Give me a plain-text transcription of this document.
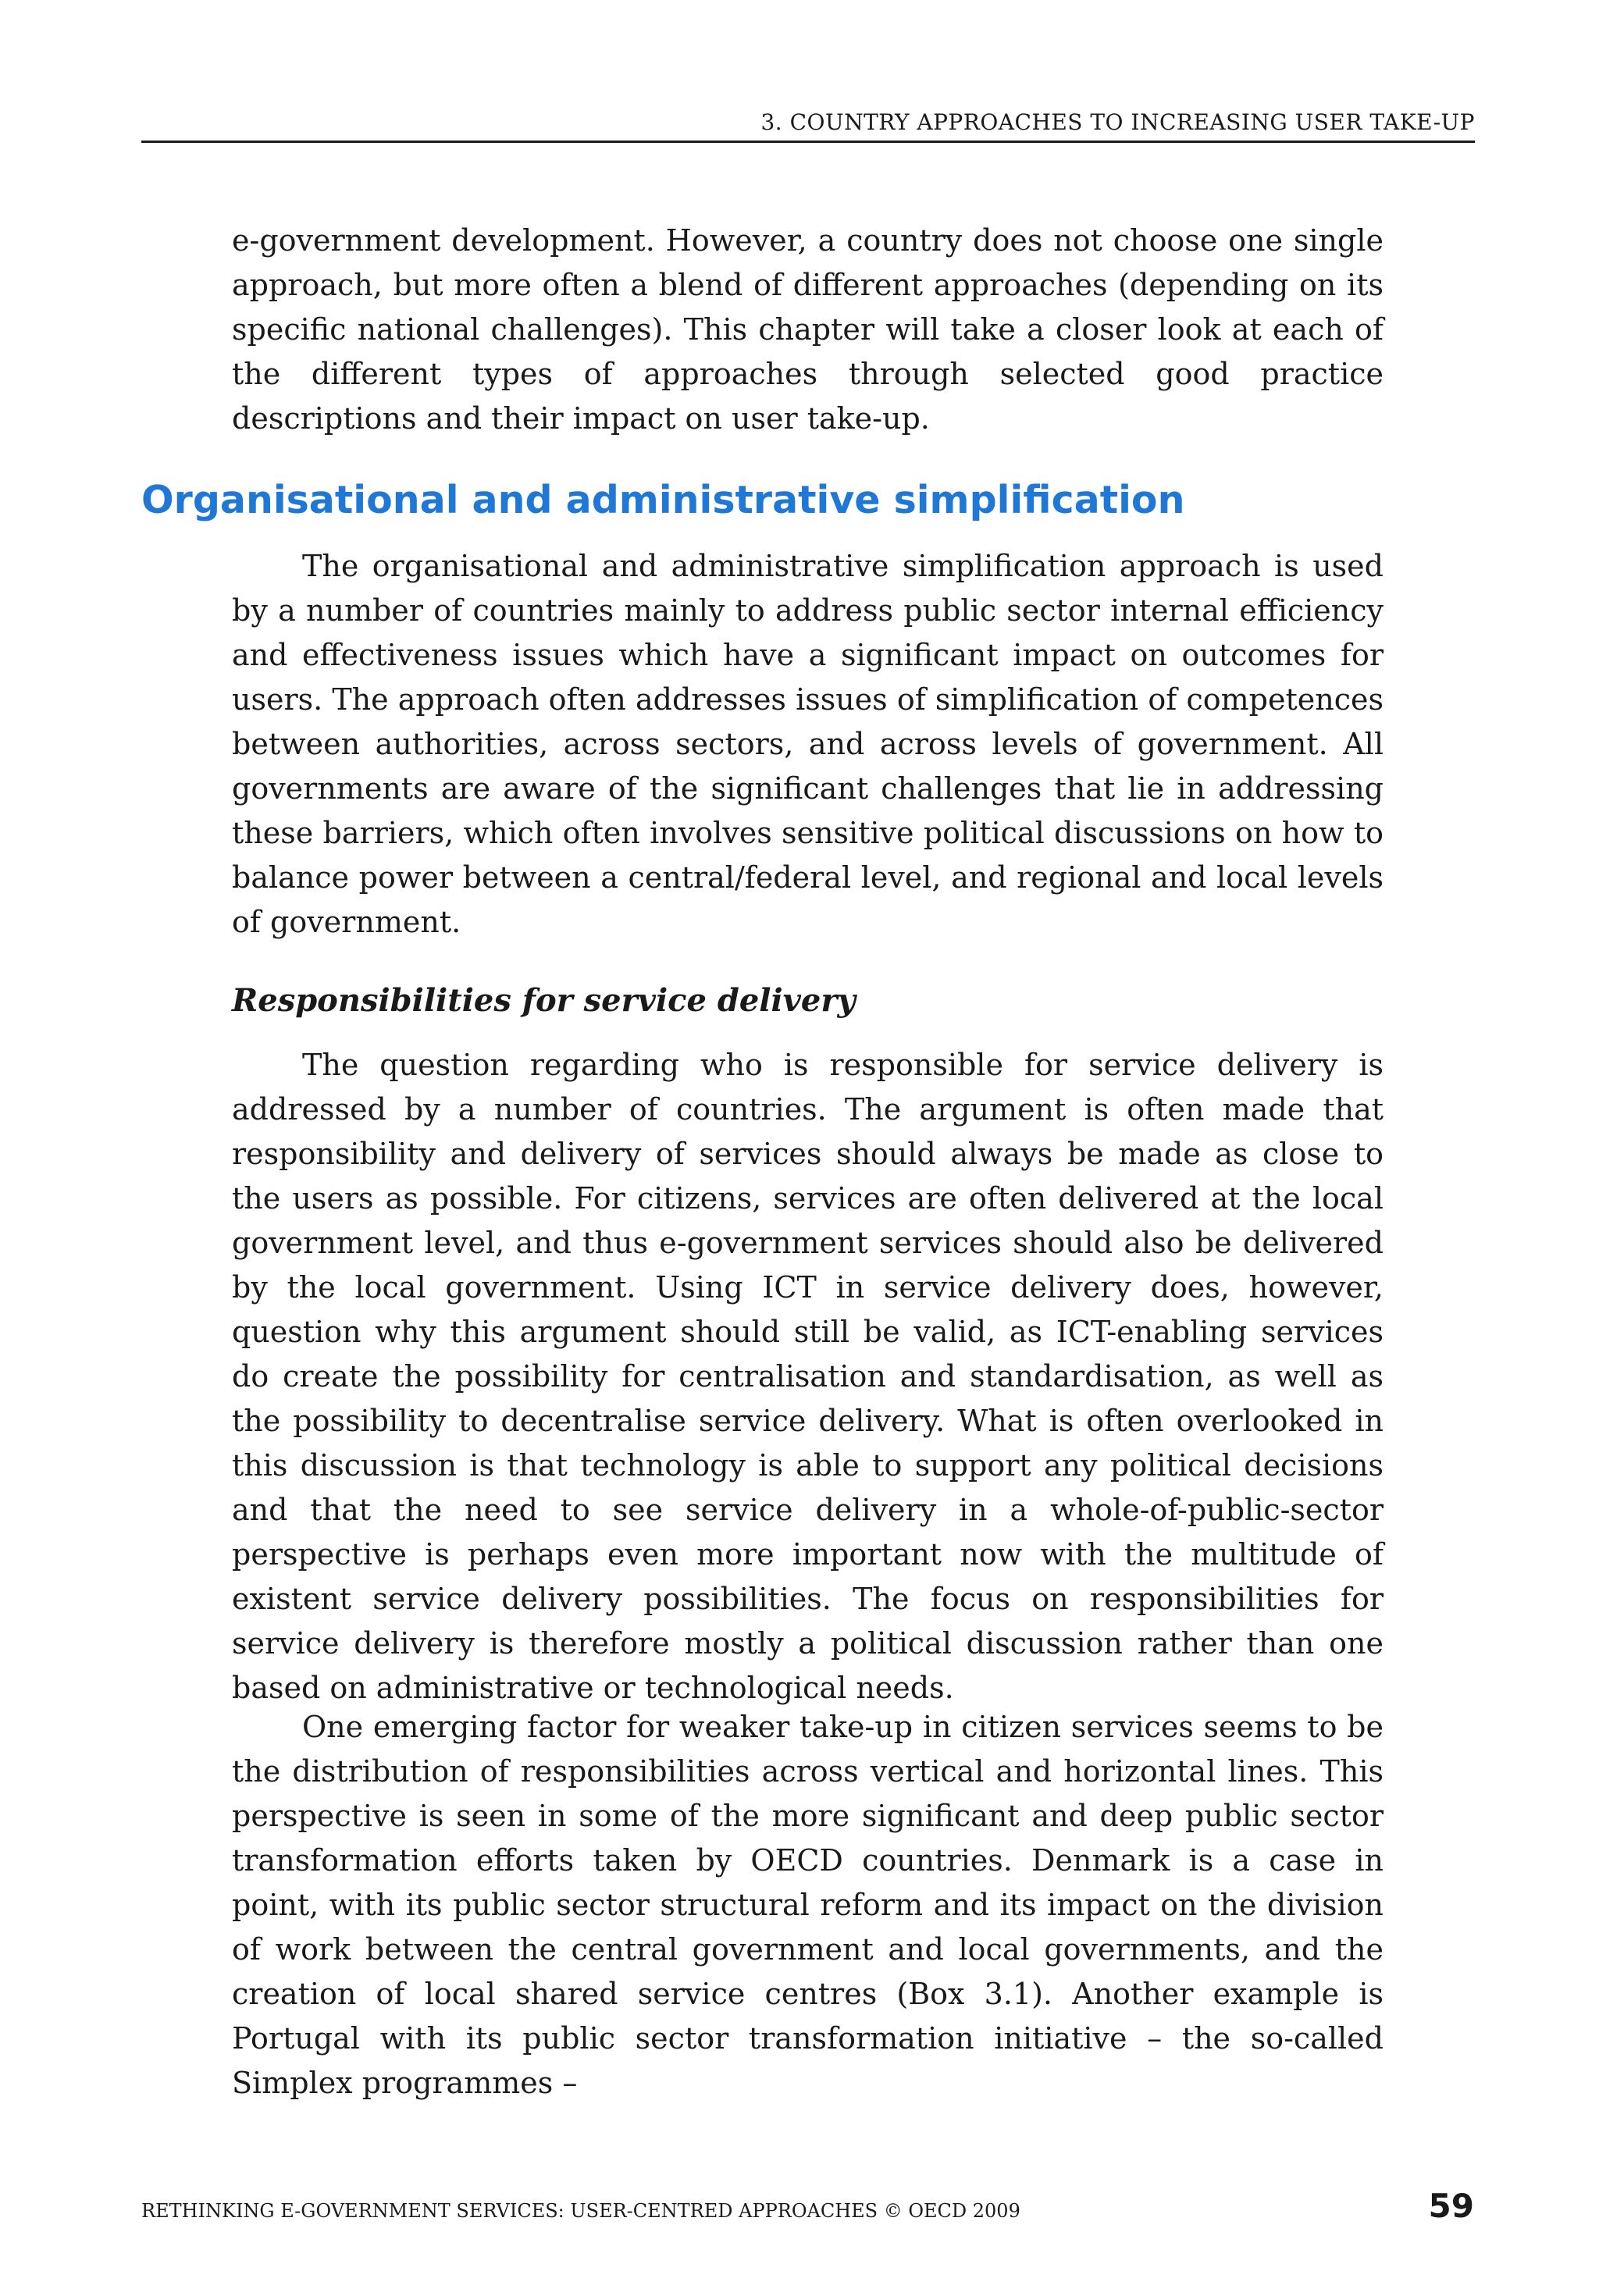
3. COUNTRY APPROACHES TO INCREASING USER TAKE-UP

e-government development. However, a country does not choose one single approach, but more often a blend of different approaches (depending on its specific national challenges). This chapter will take a closer look at each of the different types of approaches through selected good practice descriptions and their impact on user take-up.

Organisational and administrative simplification

The organisational and administrative simplification approach is used by a number of countries mainly to address public sector internal efficiency and effectiveness issues which have a significant impact on outcomes for users. The approach often addresses issues of simplification of competences between authorities, across sectors, and across levels of government. All governments are aware of the significant challenges that lie in addressing these barriers, which often involves sensitive political discussions on how to balance power between a central/federal level, and regional and local levels of government.

Responsibilities for service delivery

The question regarding who is responsible for service delivery is addressed by a number of countries. The argument is often made that responsibility and delivery of services should always be made as close to the users as possible. For citizens, services are often delivered at the local government level, and thus e-government services should also be delivered by the local government. Using ICT in service delivery does, however, question why this argument should still be valid, as ICT-enabling services do create the possibility for centralisation and standardisation, as well as the possibility to decentralise service delivery. What is often overlooked in this discussion is that technology is able to support any political decisions and that the need to see service delivery in a whole-of-public-sector perspective is perhaps even more important now with the multitude of existent service delivery possibilities. The focus on responsibilities for service delivery is therefore mostly a political discussion rather than one based on administrative or technological needs.

One emerging factor for weaker take-up in citizen services seems to be the distribution of responsibilities across vertical and horizontal lines. This perspective is seen in some of the more significant and deep public sector transformation efforts taken by OECD countries. Denmark is a case in point, with its public sector structural reform and its impact on the division of work between the central government and local governments, and the creation of local shared service centres (Box 3.1). Another example is Portugal with its public sector transformation initiative – the so-called Simplex programmes –

RETHINKING E-GOVERNMENT SERVICES: USER-CENTRED APPROACHES © OECD 2009	59
